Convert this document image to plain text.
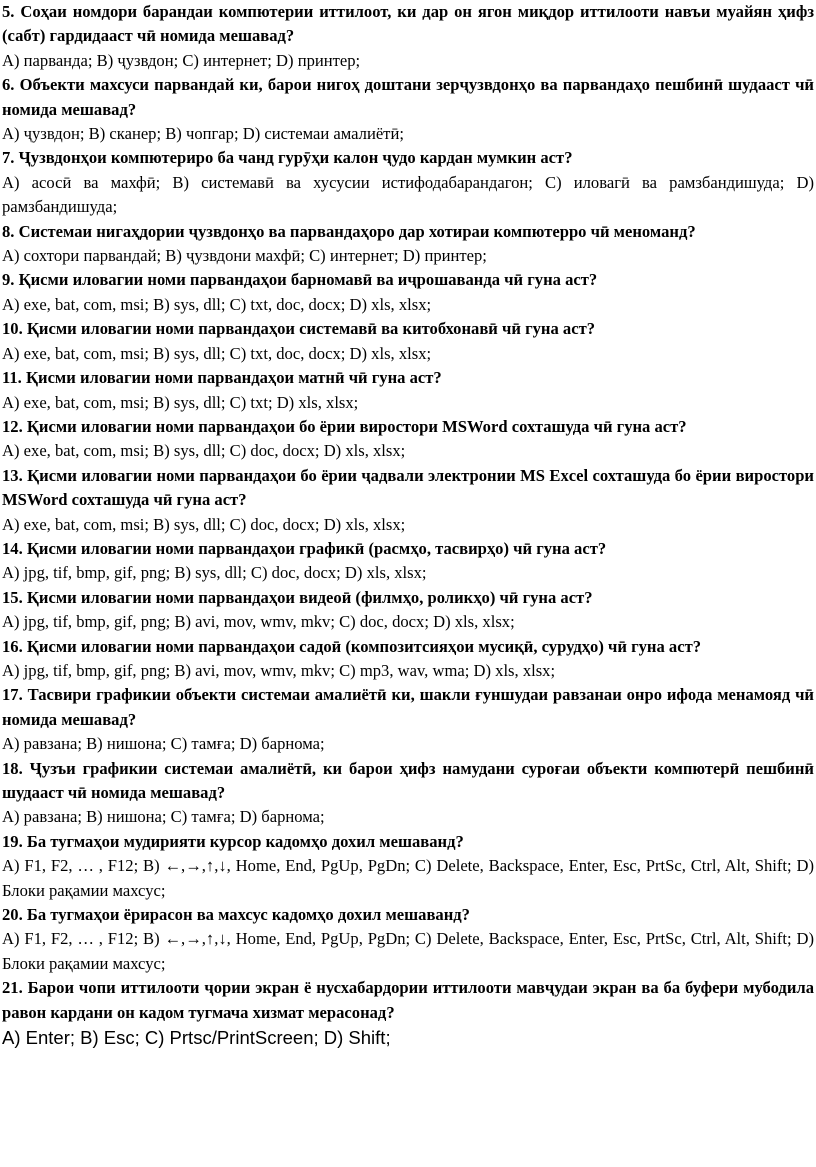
5. Соҳаи номдори барандаи компютерии иттилоот, ки дар он ягон миқдор иттилооти навъи муайян ҳифз (сабт) гардидааст чӣ номида мешавад?

A) парванда; B) ҷузвдон; C) интернет; D) принтер;

6. Объекти махсуси парвандай ки, барои нигоҳ доштани зерҷузвдонҳо ва парвандаҳо пешбинӣ шудааст чӣ номида мешавад?

A) ҷузвдон; B) сканер; B) чопгар; D) системаи амалиётӣ;

7. Ҷузвдонҳои компютериро ба чанд гурӯҳи калон ҷудо кардан мумкин аст?

A) асосӣ ва махфӣ; B) системавӣ ва хусусии истифодабарандагон; C) иловагӣ ва рамзбандишуда; D) рамзбандишуда;

8. Системаи нигаҳдории ҷузвдонҳо ва парвандаҳоро дар хотираи компютерро чӣ меноманд?

A) сохтори парвандай; B) ҷузвдони махфӣ; C) интернет; D) принтер;

9. Қисми иловагии номи парвандаҳои барномавӣ ва иҷрошаванда чӣ гуна аст?

A) exe, bat, com, msi; B) sys, dll; C) txt, doc, docx; D) xls, xlsx;

10. Қисми иловагии номи парвандаҳои системавӣ ва китобхонавӣ чӣ гуна аст?

A) exe, bat, com, msi; B) sys, dll; C) txt, doc, docx; D) xls, xlsx;

11. Қисми иловагии номи парвандаҳои матнӣ чӣ гуна аст?

A) exe, bat, com, msi; B) sys, dll; C) txt; D) xls, xlsx;

12. Қисми иловагии номи парвандаҳои бо ёрии виростори MSWord сохташуда чӣ гуна аст?

A) exe, bat, com, msi; B) sys, dll; C) doc, docx; D) xls, xlsx;

13. Қисми иловагии номи парвандаҳои бо ёрии ҷадвали электронии MS Excel сохташуда бо ёрии виростори MSWord сохташуда чӣ гуна аст?

A) exe, bat, com, msi; B) sys, dll; C) doc, docx; D) xls, xlsx;

14. Қисми иловагии номи парвандаҳои графикӣ (расмҳо, тасвирҳо) чӣ гуна аст?

A) jpg, tif, bmp, gif, png; B) sys, dll; C) doc, docx; D) xls, xlsx;

15. Қисми иловагии номи парвандаҳои видеоӣ (филмҳо, роликҳо) чӣ гуна аст?

A) jpg, tif, bmp, gif, png; B) avi, mov, wmv, mkv; C) doc, docx; D) xls, xlsx;

16. Қисми иловагии номи парвандаҳои садоӣ (композитсияҳои мусиқӣ, сурудҳо) чӣ гуна аст?

A) jpg, tif, bmp, gif, png; B) avi, mov, wmv, mkv; C) mp3, wav, wma; D) xls, xlsx;

17. Тасвири графикии объекти системаи амалиётӣ ки, шакли ғуншудаи равзанаи онро ифода менамояд чӣ номида мешавад?

A) равзана; B) нишона; C) тамға; D) барнома;

18. Ҷузъи графикии системаи амалиётӣ, ки барои ҳифз намудани суроғаи объекти компютерӣ пешбинӣ шудааст чӣ номида мешавад?

A) равзана; B) нишона; C) тамға; D) барнома;

19. Ба тугмаҳои мудирияти курсор кадомҳо дохил мешаванд?

A) F1, F2, … , F12; B) ←,→,↑,↓, Home, End, PgUp, PgDn; C) Delete, Backspace, Enter, Esc, PrtSc, Ctrl, Alt, Shift; D) Блоки рақамии махсус;

20. Ба тугмаҳои ёрирасон ва махсус кадомҳо дохил мешаванд?

A) F1, F2, … , F12; B) ←,→,↑,↓, Home, End, PgUp, PgDn; C) Delete, Backspace, Enter, Esc, PrtSc, Ctrl, Alt, Shift; D) Блоки рақамии махсус;

21. Барои чопи иттилооти ҷории экран ё нусхабардории иттилооти мавҷудаи экран ва ба буфери мубодила равон кардани он кадом тугмача хизмат мерасонад?

A) Enter; B) Esc; C) Prtsc/PrintScreen; D) Shift;
